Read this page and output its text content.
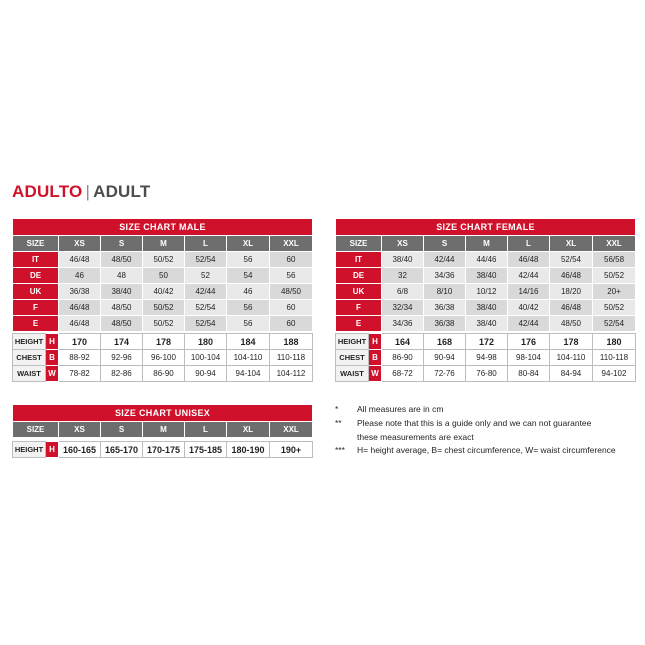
ADULTO | ADULT
SIZE CHART MALE						
SIZE	XS	S	M	L	XL	XXL
IT	46/48	48/50	50/52	52/54	56	60
DE	46	48	50	52	54	56
UK	36/38	38/40	40/42	42/44	46	48/50
F	46/48	48/50	50/52	52/54	56	60
E	46/48	48/50	50/52	52/54	56	60

HEIGHT	H	170	174	178	180	184	188
CHEST	B	88-92	92-96	96-100	100-104	104-110	110-118
WAIST	W	78-82	82-86	86-90	90-94	94-104	104-112
SIZE CHART FEMALE						
SIZE	XS	S	M	L	XL	XXL
IT	38/40	42/44	44/46	46/48	52/54	56/58
DE	32	34/36	38/40	42/44	46/48	50/52
UK	6/8	8/10	10/12	14/16	18/20	20+
F	32/34	36/38	38/40	40/42	46/48	50/52
E	34/36	36/38	38/40	42/44	48/50	52/54

HEIGHT	H	164	168	172	176	178	180
CHEST	B	86-90	90-94	94-98	98-104	104-110	110-118
WAIST	W	68-72	72-76	76-80	80-84	84-94	94-102
SIZE CHART UNISEX
SIZE	XS	S	M	L	XL	XXL
HEIGHT	H	160-165	165-170	170-175	175-185	180-190	190+
*	All measures are in cm
**	Please note that this is a guide only and we can not guarantee
these measurements are exact
***	H= height average, B= chest circumference, W= waist circumference
